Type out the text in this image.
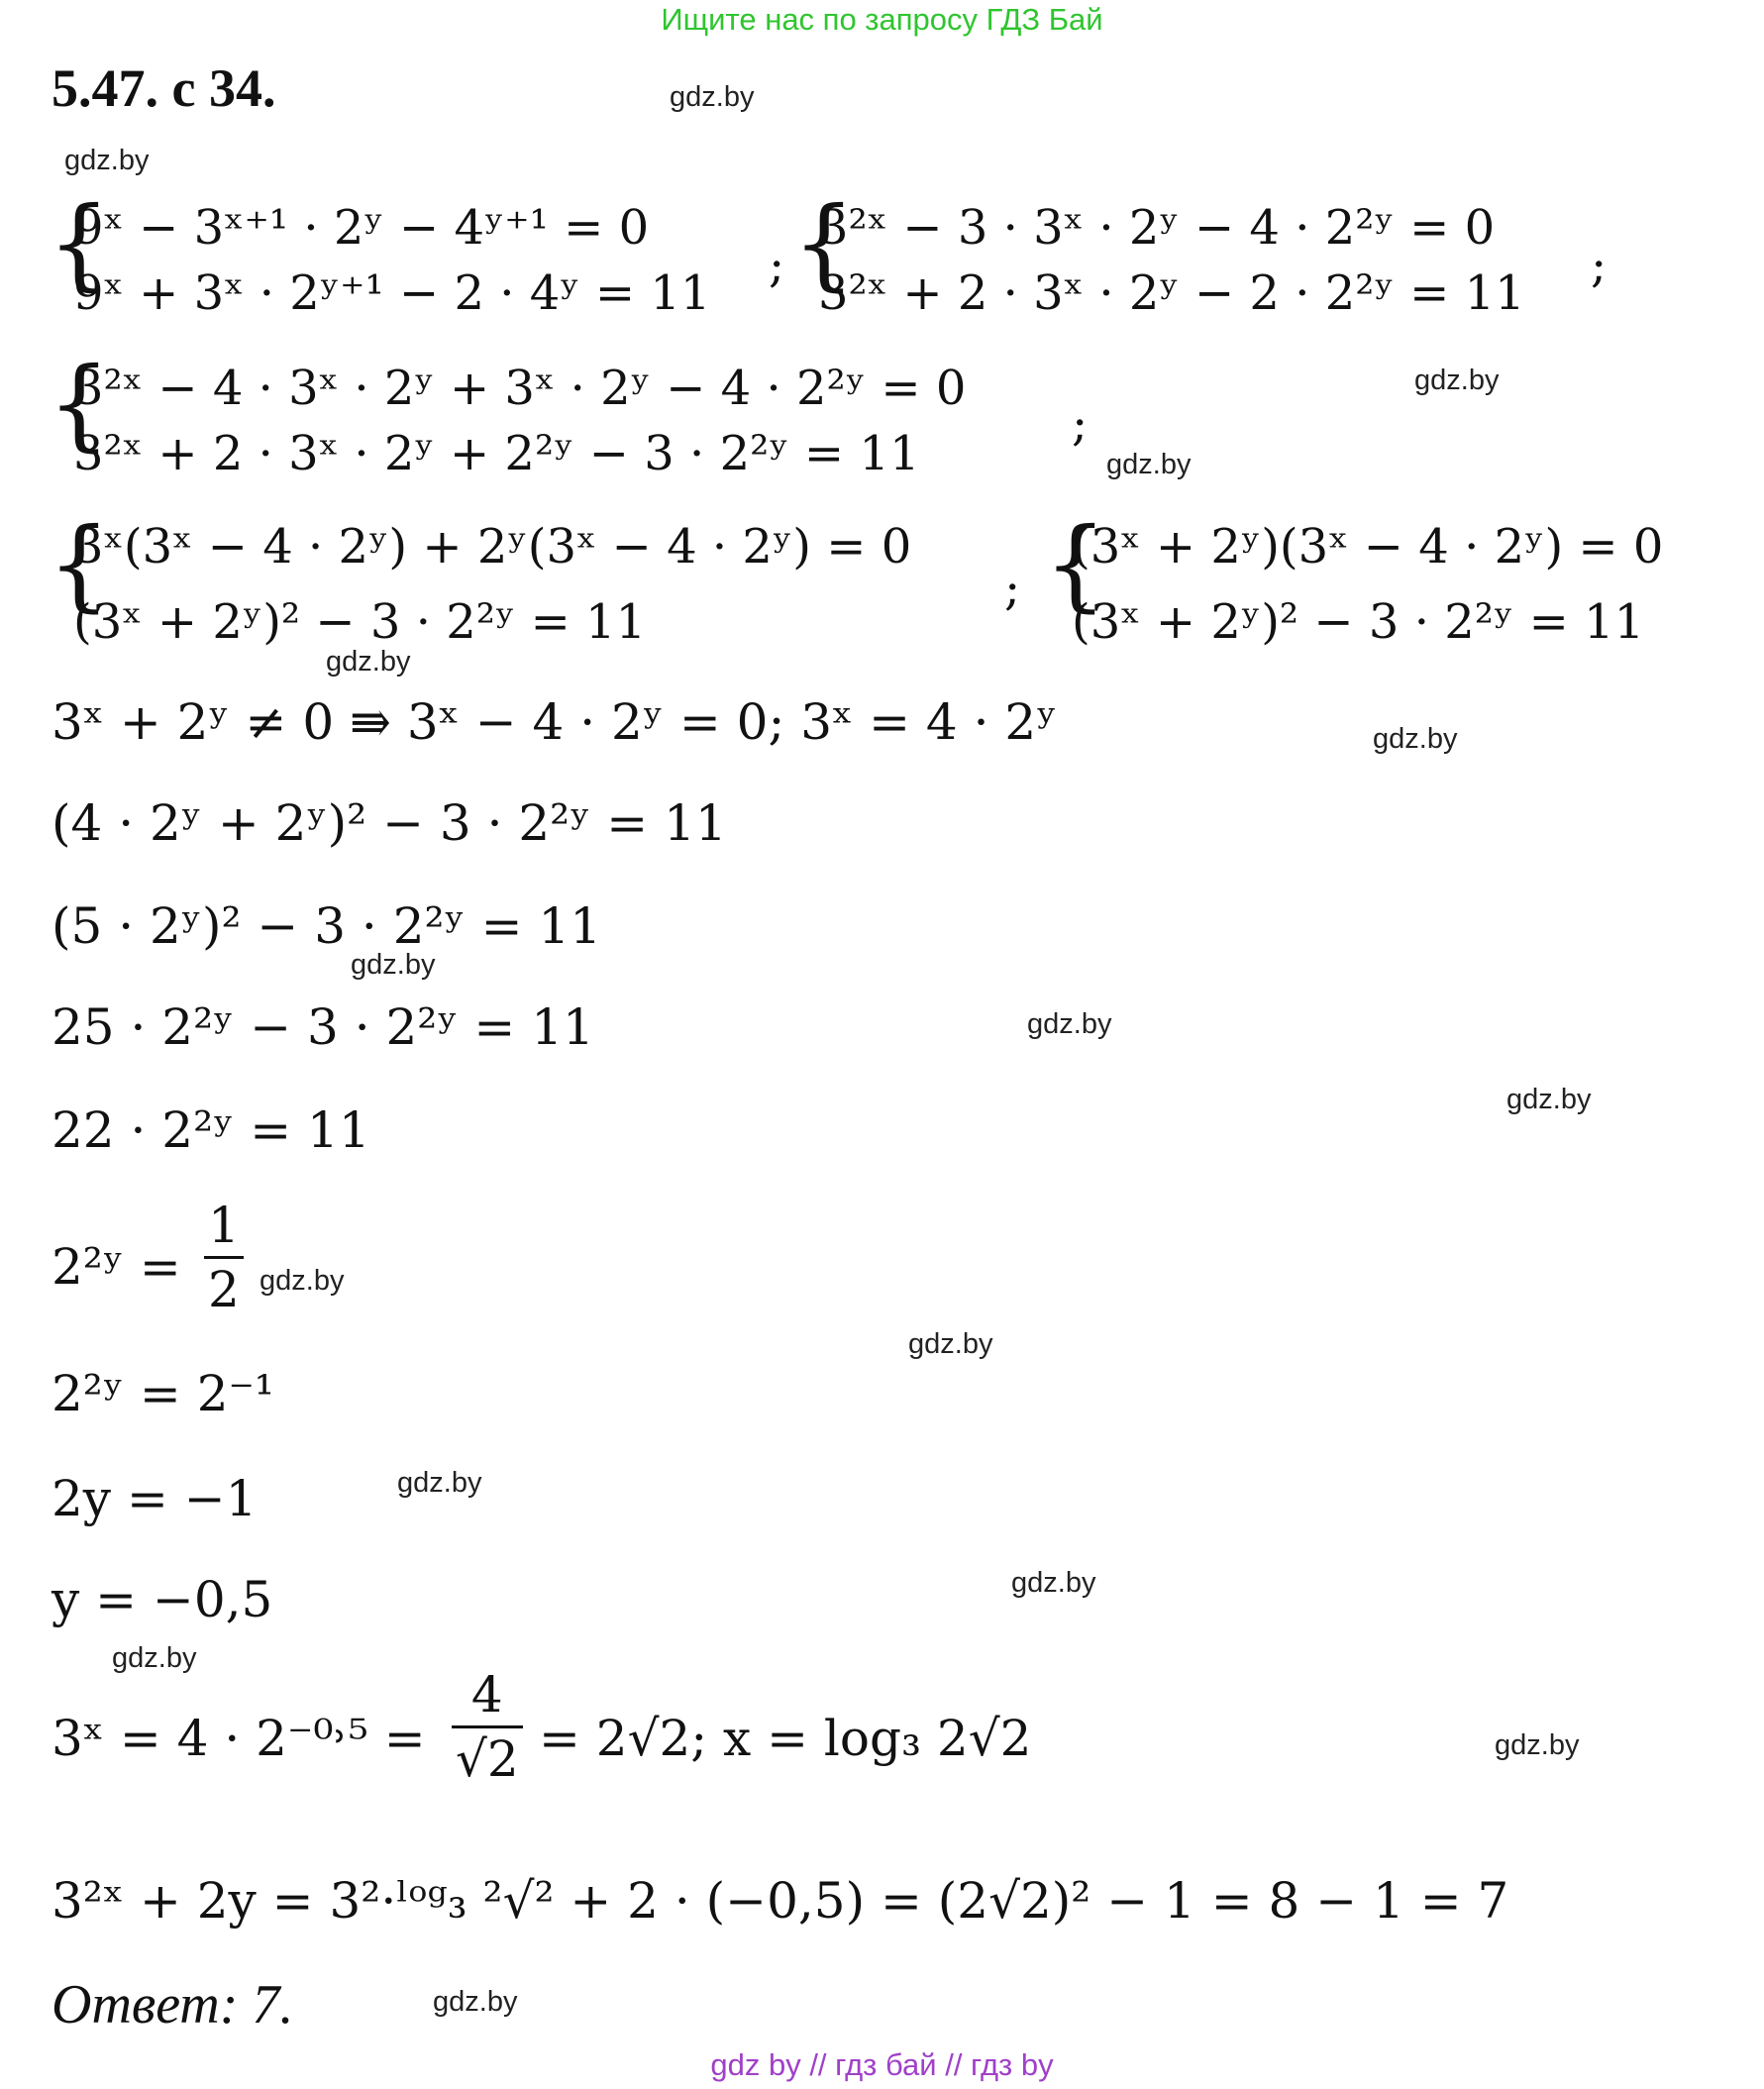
Ищите нас по запросу ГДЗ Бай
5.47. с 34.	gdz.by
gdz.by
gdz.by
gdz.by
gdz.by
gdz.by
gdz.by
gdz.by
gdz.by
gdz.by
gdz.by
gdz.by
gdz.by
gdz.by
gdz.by
gdz.by
{
9ˣ − 3ˣ⁺¹ · 2ʸ − 4ʸ⁺¹ = 0
9ˣ + 3ˣ · 2ʸ⁺¹ − 2 · 4ʸ = 11 ; {
3²ˣ − 3 · 3ˣ · 2ʸ − 4 · 2²ʸ = 0
3²ˣ + 2 · 3ˣ · 2ʸ − 2 · 2²ʸ = 11 ;
{
3²ˣ − 4 · 3ˣ · 2ʸ + 3ˣ · 2ʸ − 4 · 2²ʸ = 0
3²ˣ + 2 · 3ˣ · 2ʸ + 2²ʸ − 3 · 2²ʸ = 11
;
{
3ˣ(3ˣ − 4 · 2ʸ) + 2ʸ(3ˣ − 4 · 2ʸ) = 0
(3ˣ + 2ʸ)² − 3 · 2²ʸ = 11
; {
(3ˣ + 2ʸ)(3ˣ − 4 · 2ʸ) = 0
(3ˣ + 2ʸ)² − 3 · 2²ʸ = 11
3ˣ + 2ʸ ≠ 0 ⇛ 3ˣ − 4 · 2ʸ = 0; 3ˣ = 4 · 2ʸ
(4 · 2ʸ + 2ʸ)² − 3 · 2²ʸ = 11
(5 · 2ʸ)² − 3 · 2²ʸ = 11
25 · 2²ʸ − 3 · 2²ʸ = 11
22 · 2²ʸ = 11
2²ʸ =
1
2
2²ʸ = 2⁻¹
2y = −1
y = −0,5
3ˣ = 4 · 2⁻⁰˒⁵ =
4
√2 = 2√2; x = log₃ 2√2
3²ˣ + 2y = 3²·ˡᵒᵍ₃ ²√² + 2 · (−0,5) = (2√2)² − 1 = 8 − 1 = 7
Ответ: 7.
gdz by // гдз бай // гдз by
